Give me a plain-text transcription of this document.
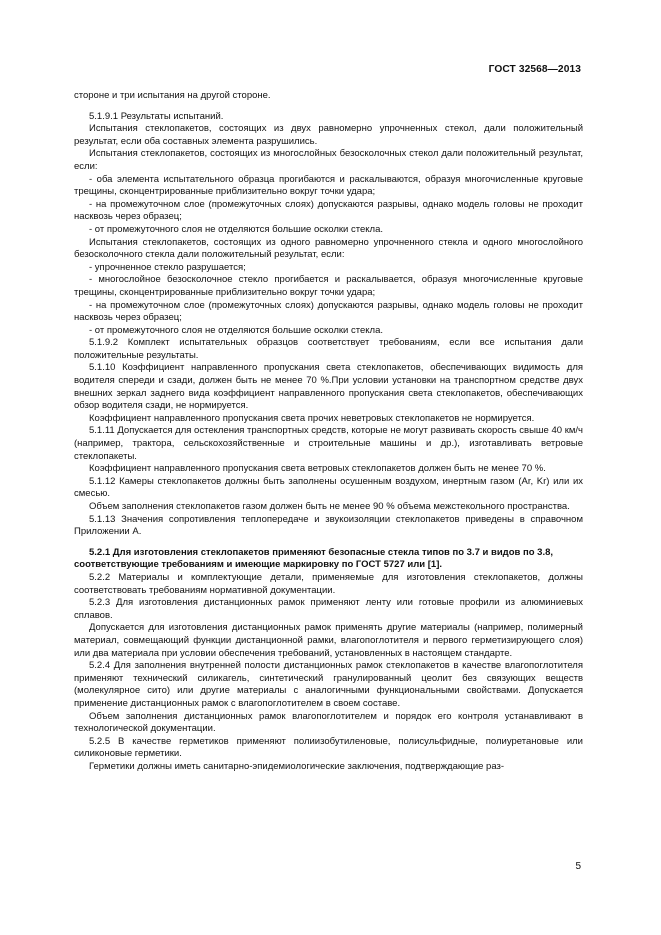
ГОСТ 32568—2013

стороне и три испытания на другой стороне.

5.1.9.1 Результаты испытаний.

Испытания стеклопакетов, состоящих из двух равномерно упрочненных стекол, дали положительный результат, если оба составных элемента разрушились.

Испытания стеклопакетов, состоящих из многослойных безосколочных стекол дали положительный результат, если:

- оба элемента испытательного образца прогибаются и раскалываются, образуя многочисленные круговые трещины, сконцентрированные приблизительно вокруг точки удара;

- на промежуточном слое (промежуточных слоях) допускаются разрывы, однако модель головы не проходит насквозь через образец;

- от промежуточного слоя не отделяются большие осколки стекла.

Испытания стеклопакетов, состоящих из одного равномерно упрочненного стекла и одного многослойного безосколочного стекла дали положительный результат, если:

- упрочненное стекло разрушается;

- многослойное безосколочное стекло прогибается и раскалывается, образуя многочисленные круговые трещины, сконцентрированные приблизительно вокруг точки удара;

- на промежуточном слое (промежуточных слоях) допускаются разрывы, однако модель головы не проходит насквозь через образец;

- от промежуточного слоя не отделяются большие осколки стекла.

5.1.9.2 Комплект испытательных образцов соответствует требованиям, если все испытания дали положительные результаты.

5.1.10 Коэффициент направленного пропускания света стеклопакетов, обеспечивающих видимость для водителя спереди и сзади, должен быть не менее 70 %.При условии установки на транспортном средстве двух внешних зеркал заднего вида коэффициент направленного пропускания света стеклопакетов, обеспечивающих обзор водителя сзади, не нормируется.

Коэффициент направленного пропускания света прочих неветровых стеклопакетов не нормируется.

5.1.11 Допускается для остекления транспортных средств, которые не могут развивать скорость свыше 40 км/ч (например, трактора, сельскохозяйственные и строительные машины и др.), изготавливать ветровые стеклопакеты.

Коэффициент направленного пропускания света ветровых стеклопакетов должен быть не менее 70 %.

5.1.12 Камеры стеклопакетов должны быть заполнены осушенным воздухом, инертным газом (Ar, Kr) или их смесью.

Объем заполнения стеклопакетов газом должен быть не менее 90 % объема межстекольного пространства.

5.1.13 Значения сопротивления теплопередаче и звукоизоляции стеклопакетов приведены в справочном Приложении А.

5.2.1 Для изготовления стеклопакетов применяют безопасные стекла типов по 3.7 и видов по 3.8, соответствующие требованиям и имеющие маркировку по ГОСТ 5727 или [1].

5.2.2 Материалы и комплектующие детали, применяемые для изготовления стеклопакетов, должны соответствовать требованиям нормативной документации.

5.2.3 Для изготовления дистанционных рамок применяют ленту или готовые профили из алюминиевых сплавов.

Допускается для изготовления дистанционных рамок применять другие материалы (например, полимерный материал, совмещающий функции дистанционной рамки, влагопоглотителя и первого герметизирующего слоя) или два материала при условии обеспечения требований, установленных в настоящем стандарте.

5.2.4 Для заполнения внутренней полости дистанционных рамок стеклопакетов в качестве влагопоглотителя применяют технический силикагель, синтетический гранулированный цеолит без связующих веществ (молекулярное сито) или другие материалы с аналогичными функциональными свойствами. Допускается применение дистанционных рамок с влагопоглотителем в своем составе.

Объем заполнения дистанционных рамок влагопоглотителем и порядок его контроля устанавливают в технологической документации.

5.2.5 В качестве герметиков применяют полиизобутиленовые, полисульфидные, полиуретановые или силиконовые герметики.

Герметики должны иметь санитарно-эпидемиологические заключения, подтверждающие раз-

5
